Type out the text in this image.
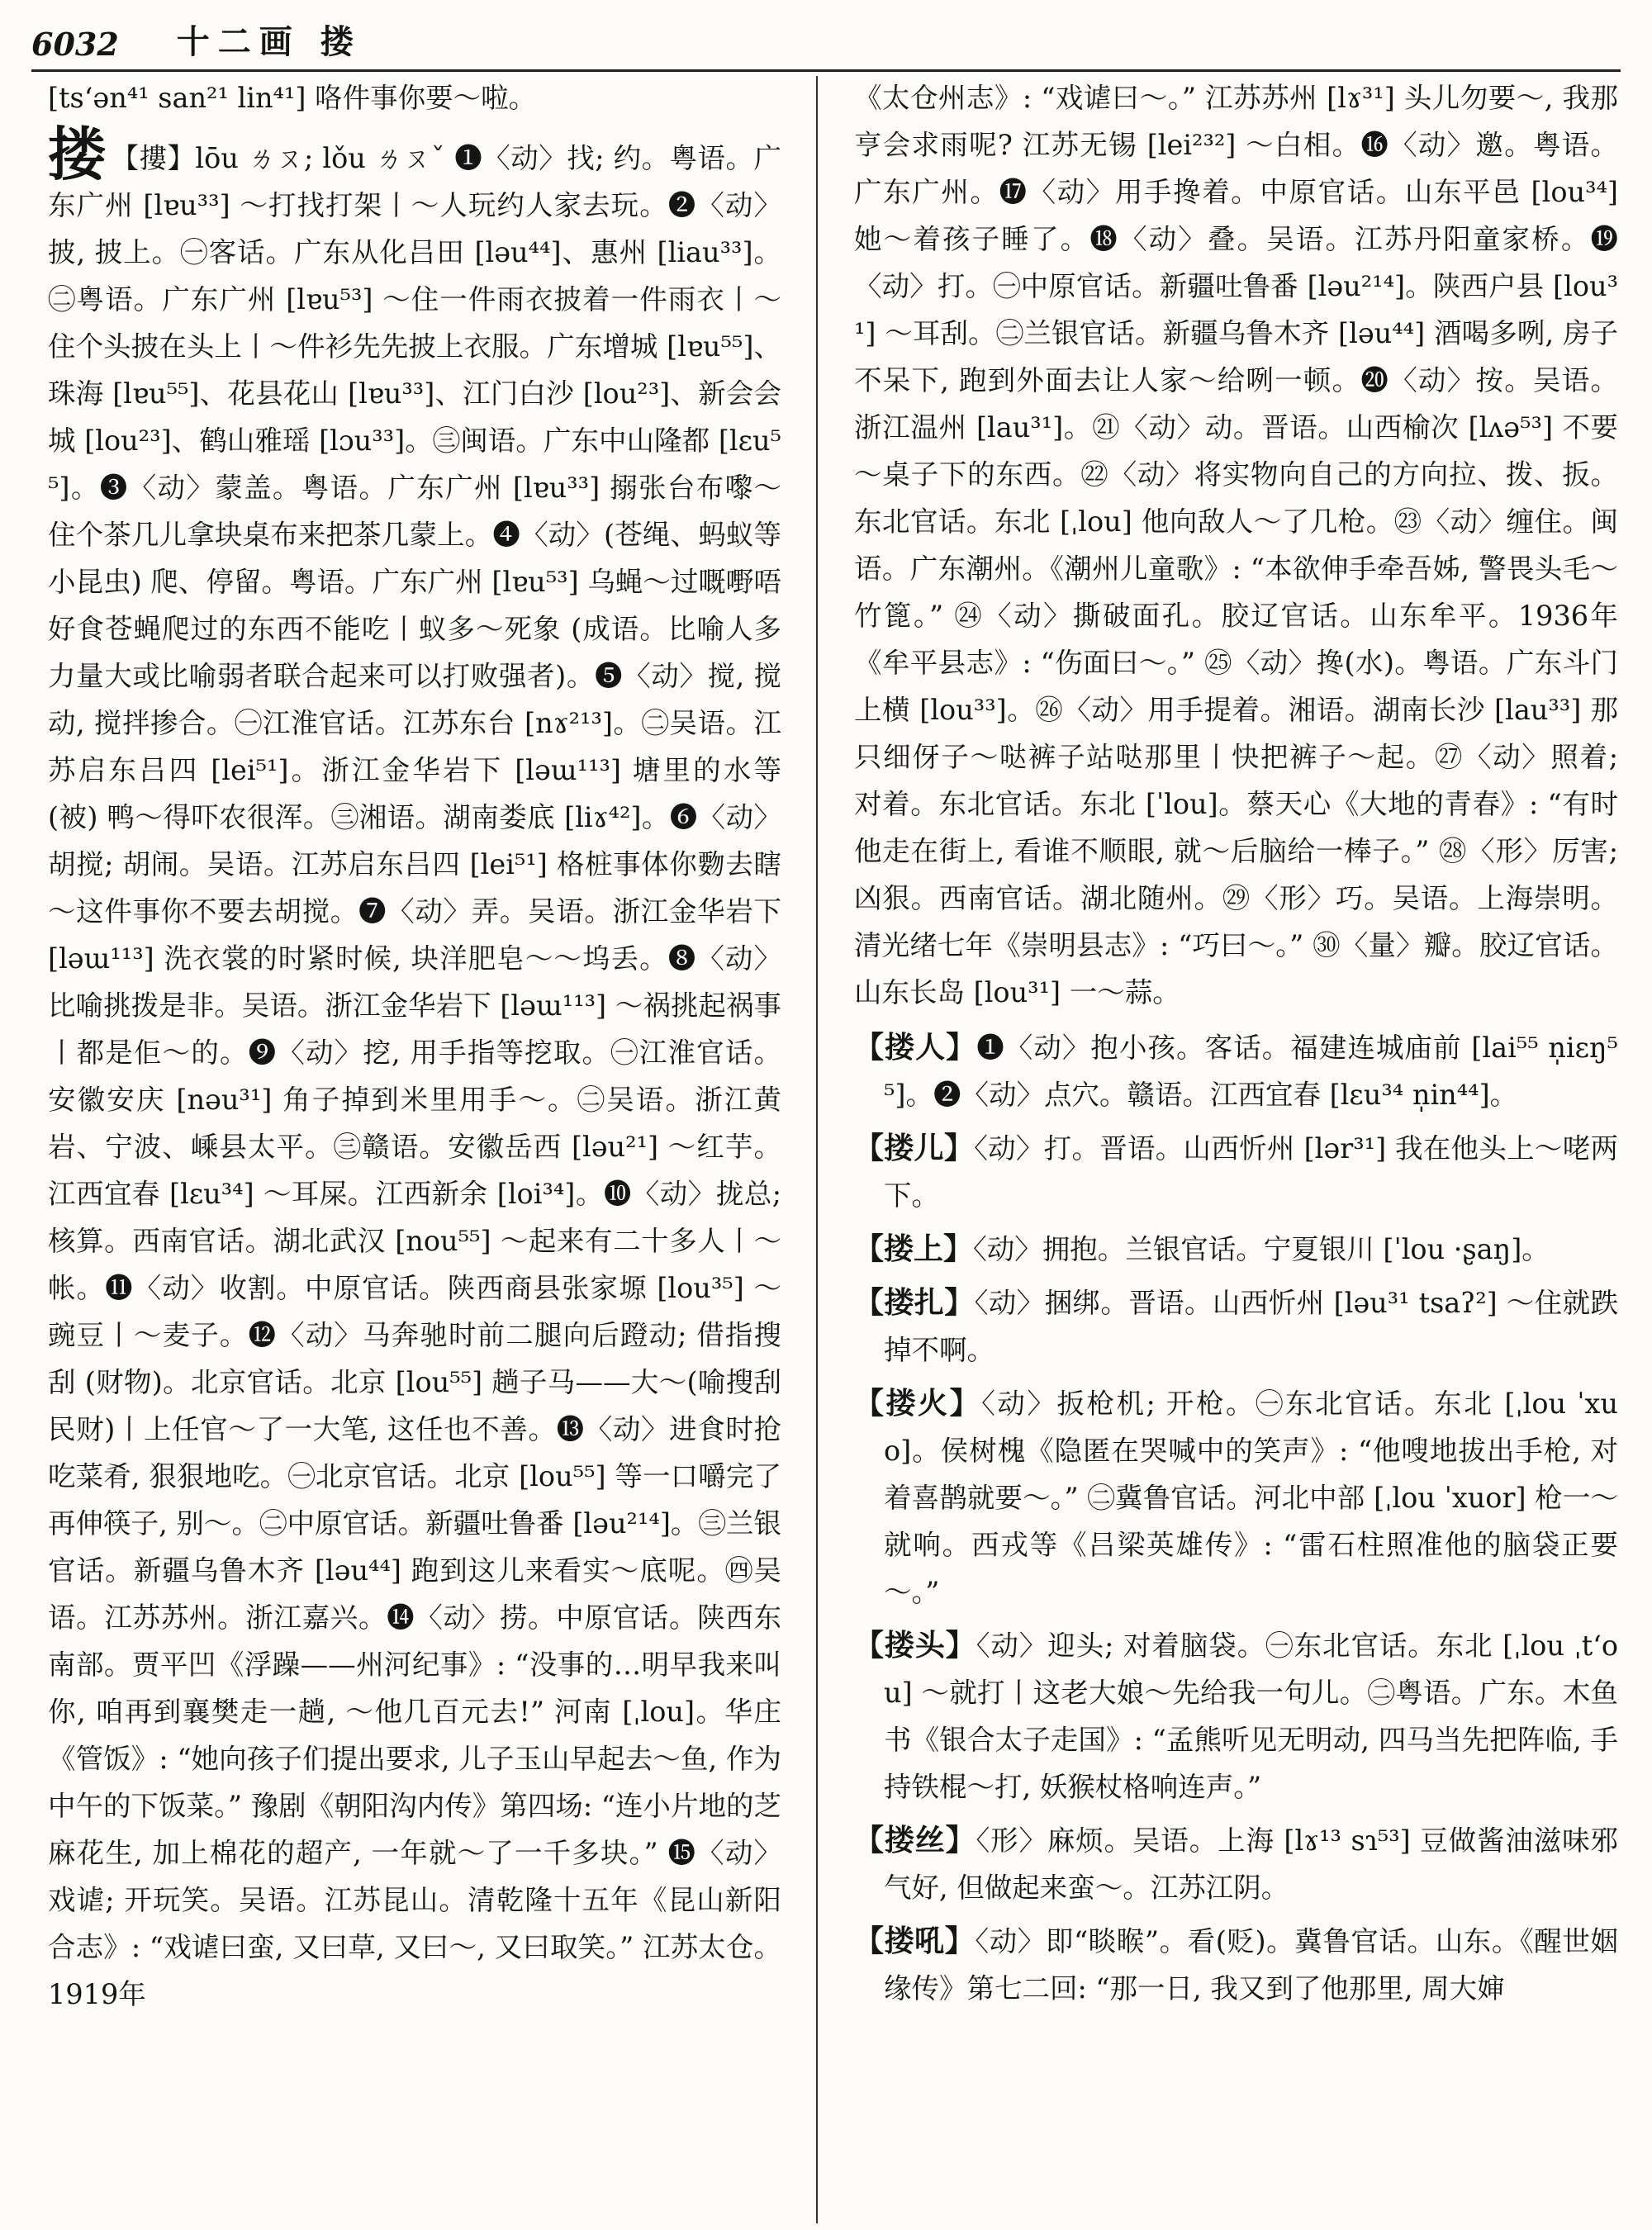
6032 十二画 搂

[ts‘ən⁴¹ san²¹ lin⁴¹] 咯件事你要～啦。

搂 【摟】lōu ㄌㄡ; lǒu ㄌㄡˇ ❶〈动〉找; 约。粤语。广东广州 [lɐu³³] ～打找打架丨～人玩约人家去玩。❷〈动〉披, 披上。㊀客话。广东从化吕田 [ləu⁴⁴]、惠州 [liau³³]。㊁粤语。广东广州 [lɐu⁵³] ～住一件雨衣披着一件雨衣丨～住个头披在头上丨～件衫先先披上衣服。广东增城 [lɐu⁵⁵]、珠海 [lɐu⁵⁵]、花县花山 [lɐu³³]、江门白沙 [lou²³]、新会会城 [lou²³]、鹤山雅瑶 [lɔu³³]。㊂闽语。广东中山隆都 [lɛu⁵⁵]。❸〈动〉蒙盖。粤语。广东广州 [lɐu³³] 搦张台布嚟～住个茶几儿拿块桌布来把茶几蒙上。❹〈动〉(苍绳、蚂蚁等小昆虫) 爬、停留。粤语。广东广州 [lɐu⁵³] 乌蝇～过嘅嘢唔好食苍蝇爬过的东西不能吃丨蚁多～死象 (成语。比喻人多力量大或比喻弱者联合起来可以打败强者)。❺〈动〉搅, 搅动, 搅拌掺合。㊀江淮官话。江苏东台 [nɤ²¹³]。㊁吴语。江苏启东吕四 [lei⁵¹]。浙江金华岩下 [ləɯ¹¹³] 塘里的水等 (被) 鸭～得吓农很浑。㊂湘语。湖南娄底 [liɤ⁴²]。❻〈动〉胡搅; 胡闹。吴语。江苏启东吕四 [lei⁵¹] 格桩事体你覅去瞎～这件事你不要去胡搅。❼〈动〉弄。吴语。浙江金华岩下 [ləɯ¹¹³] 洗衣裳的时紧时候, 块洋肥皂～～坞丢。❽〈动〉比喻挑拨是非。吴语。浙江金华岩下 [ləɯ¹¹³] ～祸挑起祸事丨都是佢～的。❾〈动〉挖, 用手指等挖取。㊀江淮官话。安徽安庆 [nəu³¹] 角子掉到米里用手～。㊁吴语。浙江黄岩、宁波、嵊县太平。㊂赣语。安徽岳西 [ləu²¹] ～红芋。江西宜春 [lɛu³⁴] ～耳屎。江西新余 [loi³⁴]。❿〈动〉拢总; 核算。西南官话。湖北武汉 [nou⁵⁵] ～起来有二十多人丨～帐。⓫〈动〉收割。中原官话。陕西商县张家塬 [lou³⁵] ～豌豆丨～麦子。⓬〈动〉马奔驰时前二腿向后蹬动; 借指搜刮 (财物)。北京官话。北京 [lou⁵⁵] 趟子马——大～(喻搜刮民财)丨上任官～了一大笔, 这任也不善。⓭〈动〉进食时抢吃菜肴, 狠狠地吃。㊀北京官话。北京 [lou⁵⁵] 等一口嚼完了再伸筷子, 别～。㊁中原官话。新疆吐鲁番 [ləu²¹⁴]。㊂兰银官话。新疆乌鲁木齐 [ləu⁴⁴] 跑到这儿来看实～底呢。㊃吴语。江苏苏州。浙江嘉兴。⓮〈动〉捞。中原官话。陕西东南部。贾平凹《浮躁——州河纪事》: “没事的…明早我来叫你, 咱再到襄樊走一趟, ～他几百元去!” 河南 [ˌlou]。华庄《管饭》: “她向孩子们提出要求, 儿子玉山早起去～鱼, 作为中午的下饭菜。” 豫剧《朝阳沟内传》第四场: “连小片地的芝麻花生, 加上棉花的超产, 一年就～了一千多块。” ⓯〈动〉戏谑; 开玩笑。吴语。江苏昆山。清乾隆十五年《昆山新阳合志》: “戏谑曰蛮, 又曰草, 又曰～, 又曰取笑。” 江苏太仓。1919年

《太仓州志》: “戏谑曰～。” 江苏苏州 [lɤ³¹] 头儿勿要～, 我那亨会求雨呢? 江苏无锡 [lei²³²] ～白相。⓰〈动〉邀。粤语。广东广州。⓱〈动〉用手搀着。中原官话。山东平邑 [lou³⁴] 她～着孩子睡了。⓲〈动〉叠。吴语。江苏丹阳童家桥。⓳〈动〉打。㊀中原官话。新疆吐鲁番 [ləu²¹⁴]。陕西户县 [lou³¹] ～耳刮。㊁兰银官话。新疆乌鲁木齐 [ləu⁴⁴] 酒喝多咧, 房子不呆下, 跑到外面去让人家～给咧一顿。⓴〈动〉按。吴语。浙江温州 [lau³¹]。㉑〈动〉动。晋语。山西榆次 [lʌə⁵³] 不要～桌子下的东西。㉒〈动〉将实物向自己的方向拉、拨、扳。东北官话。东北 [ˌlou] 他向敌人～了几枪。㉓〈动〉缠住。闽语。广东潮州。《潮州儿童歌》: “本欲伸手牵吾姊, 警畏头毛～竹篦。” ㉔〈动〉撕破面孔。胶辽官话。山东牟平。1936年《牟平县志》: “伤面曰～。” ㉕〈动〉搀(水)。粤语。广东斗门上横 [lou³³]。㉖〈动〉用手提着。湘语。湖南长沙 [lau³³] 那只细伢子～哒裤子站哒那里丨快把裤子～起。㉗〈动〉照着; 对着。东北官话。东北 [ˈlou]。蔡天心《大地的青春》: “有时他走在街上, 看谁不顺眼, 就～后脑给一棒子。” ㉘〈形〉厉害; 凶狠。西南官话。湖北随州。㉙〈形〉巧。吴语。上海崇明。清光绪七年《崇明县志》: “巧曰～。” ㉚〈量〉瓣。胶辽官话。山东长岛 [lou³¹] 一～蒜。

【搂人】❶〈动〉抱小孩。客话。福建连城庙前 [lai⁵⁵ n̩iɛŋ⁵⁵]。❷〈动〉点穴。赣语。江西宜春 [lɛu³⁴ n̩in⁴⁴]。

【搂儿】〈动〉打。晋语。山西忻州 [lər³¹] 我在他头上～咾两下。

【搂上】〈动〉拥抱。兰银官话。宁夏银川 [ˈlou ·ʂaŋ]。

【搂扎】〈动〉捆绑。晋语。山西忻州 [ləu³¹ tsaʔ²] ～住就跌掉不啊。

【搂火】〈动〉扳枪机; 开枪。㊀东北官话。东北 [ˌlou ˈxuo]。侯树槐《隐匿在哭喊中的笑声》: “他嗖地拔出手枪, 对着喜鹊就要～。” ㊁冀鲁官话。河北中部 [ˌlou ˈxuor] 枪一～就响。西戎等《吕梁英雄传》: “雷石柱照准他的脑袋正要～。”

【搂头】〈动〉迎头; 对着脑袋。㊀东北官话。东北 [ˌlou ˌt‘ou] ～就打丨这老大娘～先给我一句儿。㊁粤语。广东。木鱼书《银合太子走国》: “孟熊听见无明动, 四马当先把阵临, 手持铁棍～打, 妖猴杖格响连声。”

【搂丝】〈形〉麻烦。吴语。上海 [lɤ¹³ sɿ⁵³] 豆做酱油滋味邪气好, 但做起来蛮～。江苏江阴。

【搂吼】〈动〉即“睒睺”。看(贬)。冀鲁官话。山东。《醒世姻缘传》第七二回: “那一日, 我又到了他那里, 周大婶
